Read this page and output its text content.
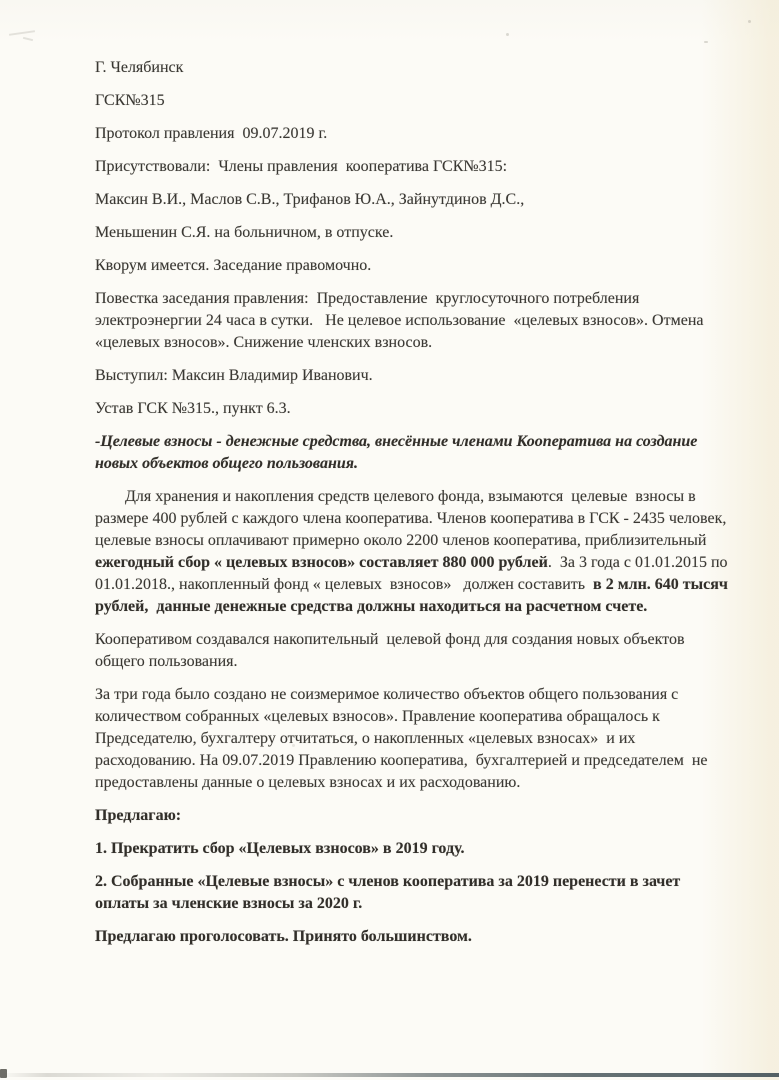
Г. Челябинск

ГСК№315

Протокол правления  09.07.2019 г.

Присутствовали:  Члены правления  кооператива ГСК№315:

Максин В.И., Маслов С.В., Трифанов Ю.А., Зайнутдинов Д.С.,

Меньшенин С.Я. на больничном, в отпуске.

Кворум имеется. Заседание правомочно.

Повестка заседания правления:  Предоставление  круглосуточного потребления электроэнергии 24 часа в сутки.   Не целевое использование  «целевых взносов». Отмена «целевых взносов». Снижение членских взносов.

Выступил: Максин Владимир Иванович.

Устав ГСК №315., пункт 6.3.

-Целевые взносы - денежные средства, внесённые членами Кооператива на создание новых объектов общего пользования.

Для хранения и накопления средств целевого фонда, взымаются  целевые  взносы в размере 400 рублей с каждого члена кооператива. Членов кооператива в ГСК - 2435 человек,  целевые взносы оплачивают примерно около 2200 членов кооператива, приблизительный  ежегодный сбор « целевых взносов» составляет 880 000 рублей.  За 3 года с 01.01.2015 по 01.01.2018., накопленный фонд « целевых  взносов»   должен составить  в 2 млн. 640 тысяч рублей,  данные денежные средства должны находиться на расчетном счете.

Кооперативом создавался накопительный  целевой фонд для создания новых объектов общего пользования.

За три года было создано не соизмеримое количество объектов общего пользования с количеством собранных «целевых взносов». Правление кооператива обращалось к Председателю, бухгалтеру отчитаться, о накопленных «целевых взносах»  и их расходованию. На 09.07.2019 Правлению кооператива,  бухгалтерией и председателем  не предоставлены данные о целевых взносах и их расходованию.

Предлагаю:

1. Прекратить сбор «Целевых взносов» в 2019 году.

2. Собранные «Целевые взносы» с членов кооператива за 2019 перенести в зачет оплаты за членские взносы за 2020 г.

Предлагаю проголосовать. Принято большинством.
